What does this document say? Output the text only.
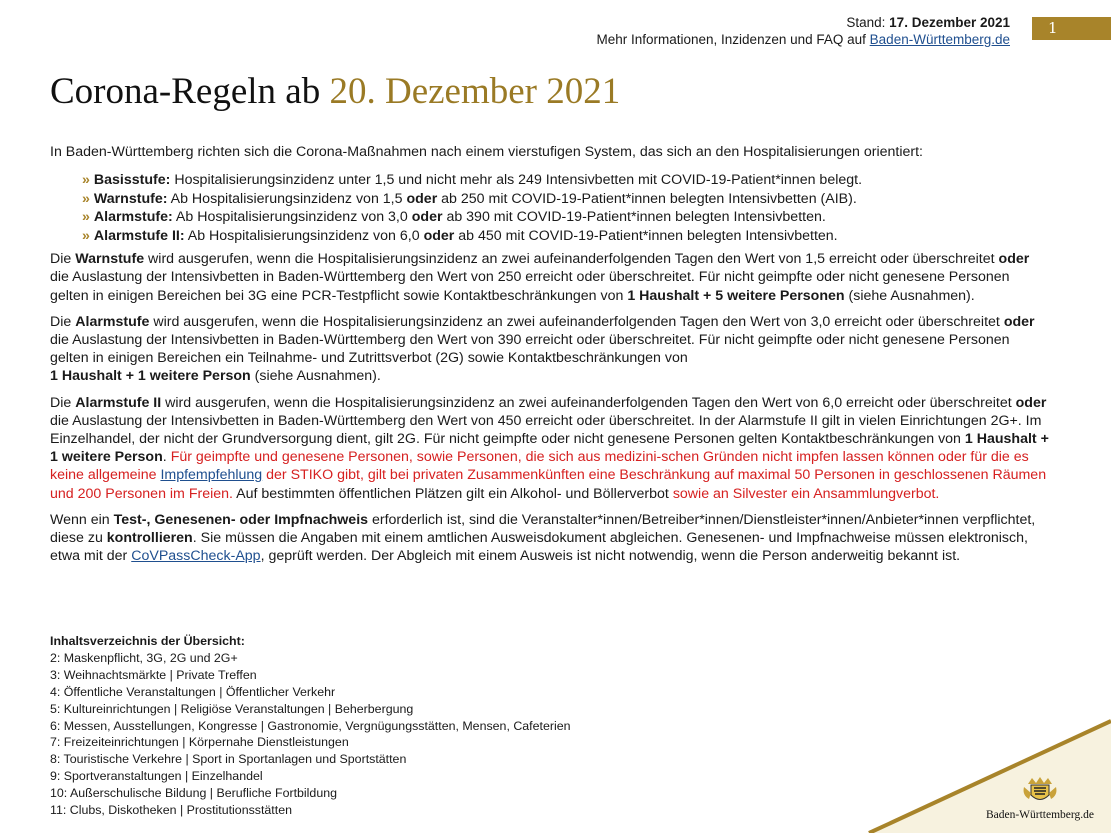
Stand: 17. Dezember 2021
Mehr Informationen, Inzidenzen und FAQ auf Baden-Württemberg.de
1
Corona-Regeln ab 20. Dezember 2021

In Baden-Württemberg richten sich die Corona-Maßnahmen nach einem vierstufigen System, das sich an den Hospitalisierungen orientiert:

» Basisstufe: Hospitalisierungsinzidenz unter 1,5 und nicht mehr als 249 Intensivbetten mit COVID-19-Patient*innen belegt.
» Warnstufe: Ab Hospitalisierungsinzidenz von 1,5 oder ab 250 mit COVID-19-Patient*innen belegten Intensivbetten (AIB).
» Alarmstufe: Ab Hospitalisierungsinzidenz von 3,0 oder ab 390 mit COVID-19-Patient*innen belegten Intensivbetten.
» Alarmstufe II: Ab Hospitalisierungsinzidenz von 6,0 oder ab 450 mit COVID-19-Patient*innen belegten Intensivbetten.

Die Warnstufe wird ausgerufen, wenn die Hospitalisierungsinzidenz an zwei aufeinanderfolgenden Tagen den Wert von 1,5 erreicht oder überschreitet oder die Auslastung der Intensivbetten in Baden-Württemberg den Wert von 250 erreicht oder überschreitet. Für nicht geimpfte oder nicht genesene Personen gelten in einigen Bereichen bei 3G eine PCR-Testpflicht sowie Kontaktbeschränkungen von 1 Haushalt + 5 weitere Personen (siehe Ausnahmen).

Die Alarmstufe wird ausgerufen, wenn die Hospitalisierungsinzidenz an zwei aufeinanderfolgenden Tagen den Wert von 3,0 erreicht oder überschreitet oder die Auslastung der Intensivbetten in Baden-Württemberg den Wert von 390 erreicht oder überschreitet. Für nicht geimpfte oder nicht genesene Personen gelten in einigen Bereichen ein Teilnahme- und Zutrittsverbot (2G) sowie Kontaktbeschränkungen von
1 Haushalt + 1 weitere Person (siehe Ausnahmen).

Die Alarmstufe II wird ausgerufen, wenn die Hospitalisierungsinzidenz an zwei aufeinanderfolgenden Tagen den Wert von 6,0 erreicht oder überschreitet oder die Auslastung der Intensivbetten in Baden-Württemberg den Wert von 450 erreicht oder überschreitet. In der Alarmstufe II gilt in vielen Einrichtungen 2G+. Im Einzelhandel, der nicht der Grundversorgung dient, gilt 2G. Für nicht geimpfte oder nicht genesene Personen gelten Kontaktbeschränkungen von 1 Haushalt + 1 weitere Person. Für geimpfte und genesene Personen, sowie Personen, die sich aus medizini-schen Gründen nicht impfen lassen können oder für die es keine allgemeine Impfempfehlung der STIKO gibt, gilt bei privaten Zusammenkünften eine Beschränkung auf maximal 50 Personen in geschlossenen Räumen und 200 Personen im Freien. Auf bestimmten öffentlichen Plätzen gilt ein Alkohol- und Böllerverbot sowie an Silvester ein Ansammlungverbot.

Wenn ein Test-, Genesenen- oder Impfnachweis erforderlich ist, sind die Veranstalter*innen/Betreiber*innen/Dienstleister*innen/Anbieter*innen verpflichtet, diese zu kontrollieren. Sie müssen die Angaben mit einem amtlichen Ausweisdokument abgleichen. Genesenen- und Impfnachweise müssen elektronisch, etwa mit der CoVPassCheck-App, geprüft werden. Der Abgleich mit einem Ausweis ist nicht notwendig, wenn die Person anderweitig bekannt ist.

Inhaltsverzeichnis der Übersicht:
2: Maskenpflicht, 3G, 2G und 2G+
3: Weihnachtsmärkte | Private Treffen
4: Öffentliche Veranstaltungen | Öffentlicher Verkehr
5: Kultureinrichtungen | Religiöse Veranstaltungen | Beherbergung
6: Messen, Ausstellungen, Kongresse | Gastronomie, Vergnügungsstätten, Mensen, Cafeterien
7: Freizeiteinrichtungen | Körpernahe Dienstleistungen
8: Touristische Verkehre | Sport in Sportanlagen und Sportstätten
9: Sportveranstaltungen | Einzelhandel
10: Außerschulische Bildung | Berufliche Fortbildung
11: Clubs, Diskotheken | Prostitutionsstätten	Baden-Württemberg.de
